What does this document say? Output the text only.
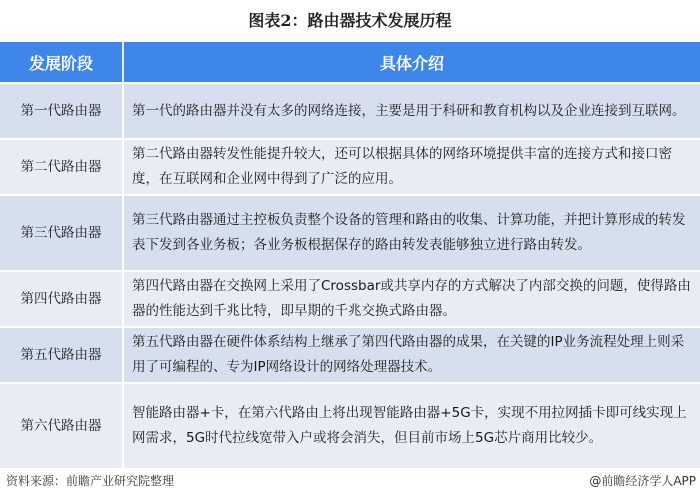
图表2：路由器技术发展历程
发展阶段	具体介绍
第一代路由器	第一代的路由器并没有太多的网络连接，主要是用于科研和教育机构以及企业连接到互联网。
第二代路由器	第二代路由器转发性能提升较大，还可以根据具体的网络环境提供丰富的连接方式和接口密度，在互联网和企业网中得到了广泛的应用。
第三代路由器	第三代路由器通过主控板负责整个设备的管理和路由的收集、计算功能，并把计算形成的转发表下发到各业务板；各业务板根据保存的路由转发表能够独立进行路由转发。
第四代路由器	第四代路由器在交换网上采用了Crossbar或共享内存的方式解决了内部交换的问题，使得路由器的性能达到千兆比特，即早期的千兆交换式路由器。
第五代路由器	第五代路由器在硬件体系结构上继承了第四代路由器的成果，在关键的IP业务流程处理上则采用了可编程的、专为IP网络设计的网络处理器技术。
第六代路由器	智能路由器+卡，在第六代路由上将出现智能路由器+5G卡，实现不用拉网插卡即可线实现上网需求，5G时代拉线宽带入户或将会消失，但目前市场上5G芯片商用比较少。
资料来源：前瞻产业研究院整理	@前瞻经济学人APP
